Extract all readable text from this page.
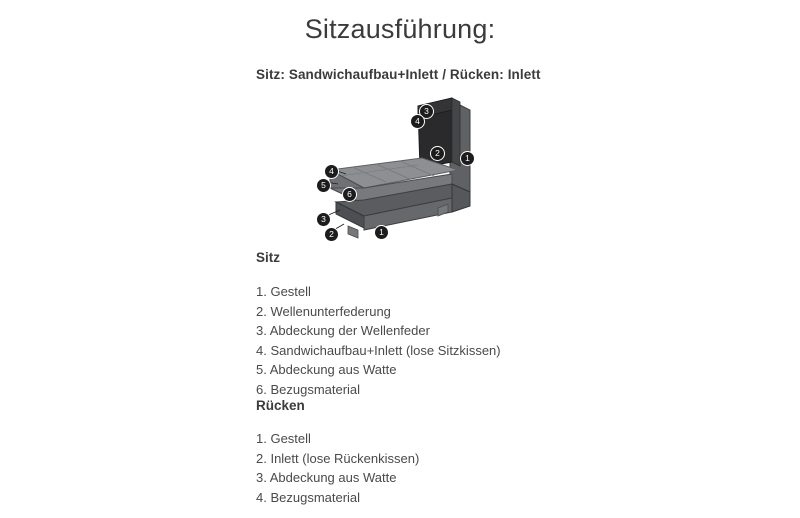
Sitzausführung:
Sitz: Sandwichaufbau+Inlett / Rücken: Inlett
1
2
3
4
4
5
6
3
2	1
Sitz
1. Gestell
2. Wellenunterfederung
3. Abdeckung der Wellenfeder
4. Sandwichaufbau+Inlett (lose Sitzkissen)
5. Abdeckung aus Watte
6. Bezugsmaterial
Rücken
1. Gestell
2. Inlett (lose Rückenkissen)
3. Abdeckung aus Watte
4. Bezugsmaterial
